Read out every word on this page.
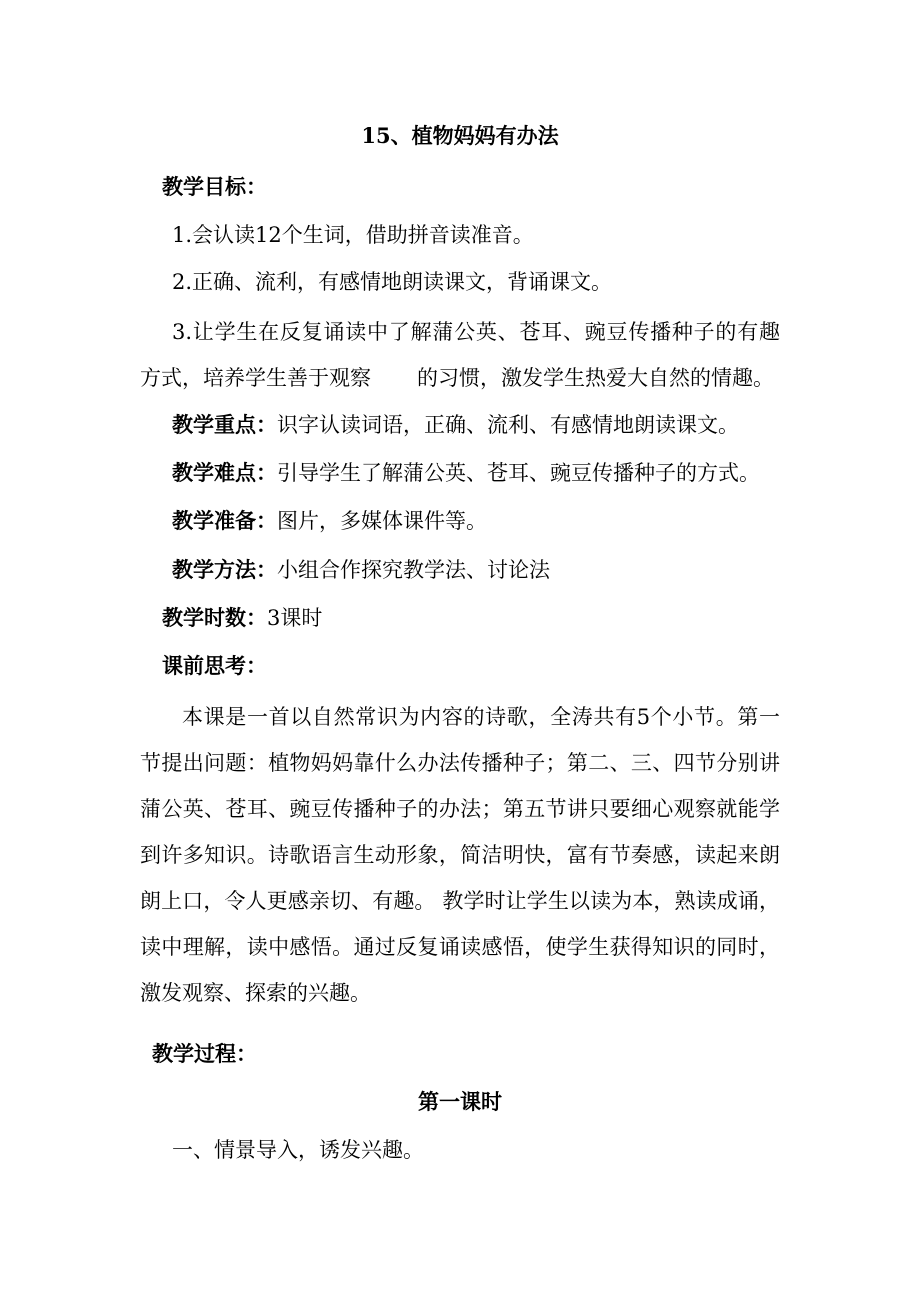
15、植物妈妈有办法
教学目标：
1.会认读12个生词，借助拼音读准音。
2.正确、流利，有感情地朗读课文，背诵课文。
3.让学生在反复诵读中了解蒲公英、苍耳、豌豆传播种子的有趣方式，培养学生善于观察 的习惯，激发学生热爱大自然的情趣。
教学重点：识字认读词语，正确、流利、有感情地朗读课文。
教学难点：引导学生了解蒲公英、苍耳、豌豆传播种子的方式。
教学准备：图片，多媒体课件等。
教学方法：小组合作探究教学法、讨论法
教学时数：3课时
课前思考：
本课是一首以自然常识为内容的诗歌，全涛共有5个小节。第一节提出问题：植物妈妈靠什么办法传播种子；第二、三、四节分别讲蒲公英、苍耳、豌豆传播种子的办法；第五节讲只要细心观察就能学到许多知识。诗歌语言生动形象，简洁明快，富有节奏感，读起来朗朗上口，令人更感亲切、有趣。 教学时让学生以读为本，熟读成诵，读中理解，读中感悟。通过反复诵读感悟，使学生获得知识的同时，激发观察、探索的兴趣。
教学过程：
第一课时
一、情景导入，诱发兴趣。
